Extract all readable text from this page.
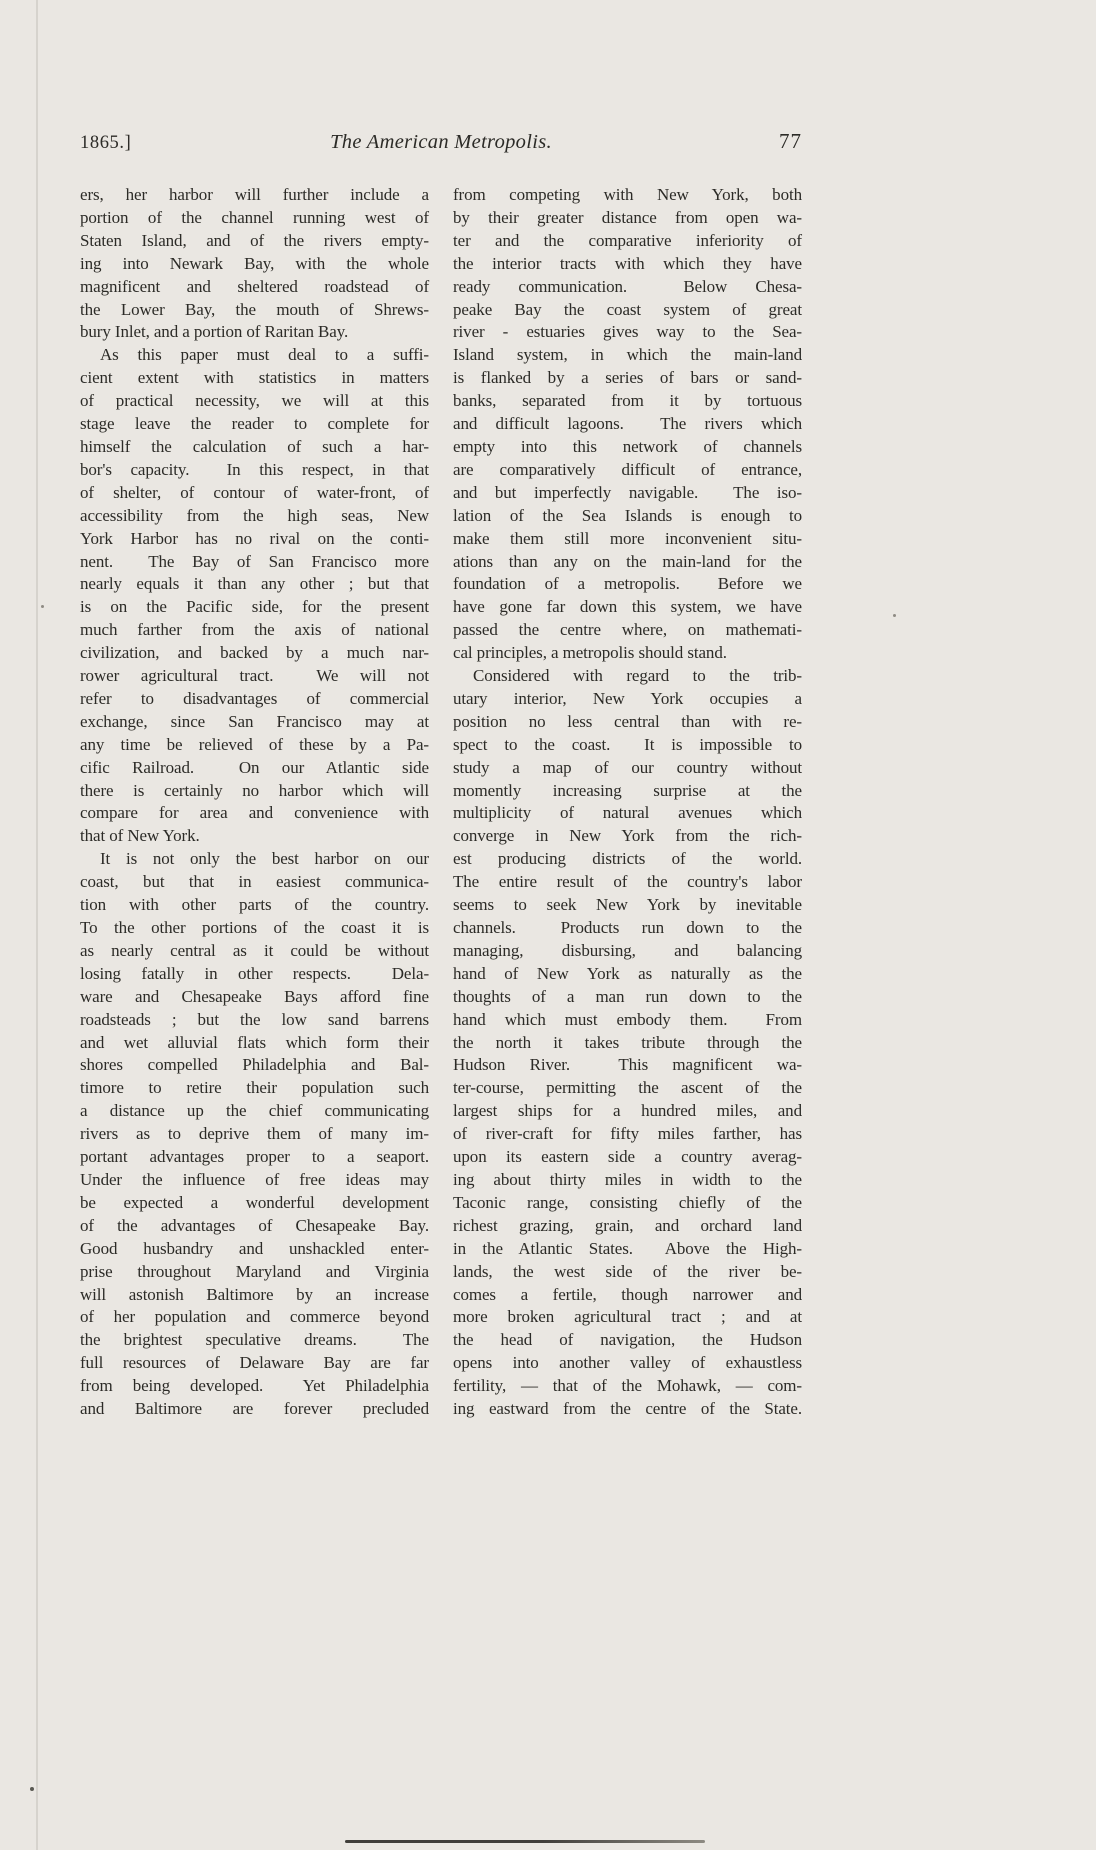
1865.]	The American Metropolis.	77
ers, her harbor will further include a
portion of the channel running west of
Staten Island, and of the rivers empty-
ing into Newark Bay, with the whole
magnificent and sheltered roadstead of
the Lower Bay, the mouth of Shrews-
bury Inlet, and a portion of Raritan Bay.
As this paper must deal to a suffi-
cient extent with statistics in matters
of practical necessity, we will at this
stage leave the reader to complete for
himself the calculation of such a har-
bor's capacity.  In this respect, in that
of shelter, of contour of water-front, of
accessibility from the high seas, New
York Harbor has no rival on the conti-
nent.  The Bay of San Francisco more
nearly equals it than any other ; but that
is on the Pacific side, for the present
much farther from the axis of national
civilization, and backed by a much nar-
rower agricultural tract.  We will not
refer to disadvantages of commercial
exchange, since San Francisco may at
any time be relieved of these by a Pa-
cific Railroad.  On our Atlantic side
there is certainly no harbor which will
compare for area and convenience with
that of New York.
It is not only the best harbor on our
coast, but that in easiest communica-
tion with other parts of the country.
To the other portions of the coast it is
as nearly central as it could be without
losing fatally in other respects.  Dela-
ware and Chesapeake Bays afford fine
roadsteads ; but the low sand barrens
and wet alluvial flats which form their
shores compelled Philadelphia and Bal-
timore to retire their population such
a distance up the chief communicating
rivers as to deprive them of many im-
portant advantages proper to a seaport.
Under the influence of free ideas may
be expected a wonderful development
of the advantages of Chesapeake Bay.
Good husbandry and unshackled enter-
prise throughout Maryland and Virginia
will astonish Baltimore by an increase
of her population and commerce beyond
the brightest speculative dreams.  The
full resources of Delaware Bay are far
from being developed.  Yet Philadelphia
and Baltimore are forever precluded
from competing with New York, both
by their greater distance from open wa-
ter and the comparative inferiority of
the interior tracts with which they have
ready communication.  Below Chesa-
peake Bay the coast system of great
river - estuaries gives way to the Sea-
Island system, in which the main-land
is flanked by a series of bars or sand-
banks, separated from it by tortuous
and difficult lagoons.  The rivers which
empty into this network of channels
are comparatively difficult of entrance,
and but imperfectly navigable.  The iso-
lation of the Sea Islands is enough to
make them still more inconvenient situ-
ations than any on the main-land for the
foundation of a metropolis.  Before we
have gone far down this system, we have
passed the centre where, on mathemati-
cal principles, a metropolis should stand.
Considered with regard to the trib-
utary interior, New York occupies a
position no less central than with re-
spect to the coast.  It is impossible to
study a map of our country without
momently increasing surprise at the
multiplicity of natural avenues which
converge in New York from the rich-
est producing districts of the world.
The entire result of the country's labor
seems to seek New York by inevitable
channels.  Products run down to the
managing, disbursing, and balancing
hand of New York as naturally as the
thoughts of a man run down to the
hand which must embody them.  From
the north it takes tribute through the
Hudson River.  This magnificent wa-
ter-course, permitting the ascent of the
largest ships for a hundred miles, and
of river-craft for fifty miles farther, has
upon its eastern side a country averag-
ing about thirty miles in width to the
Taconic range, consisting chiefly of the
richest grazing, grain, and orchard land
in the Atlantic States.  Above the High-
lands, the west side of the river be-
comes a fertile, though narrower and
more broken agricultural tract ; and at
the head of navigation, the Hudson
opens into another valley of exhaustless
fertility, — that of the Mohawk, — com-
ing eastward from the centre of the State.
